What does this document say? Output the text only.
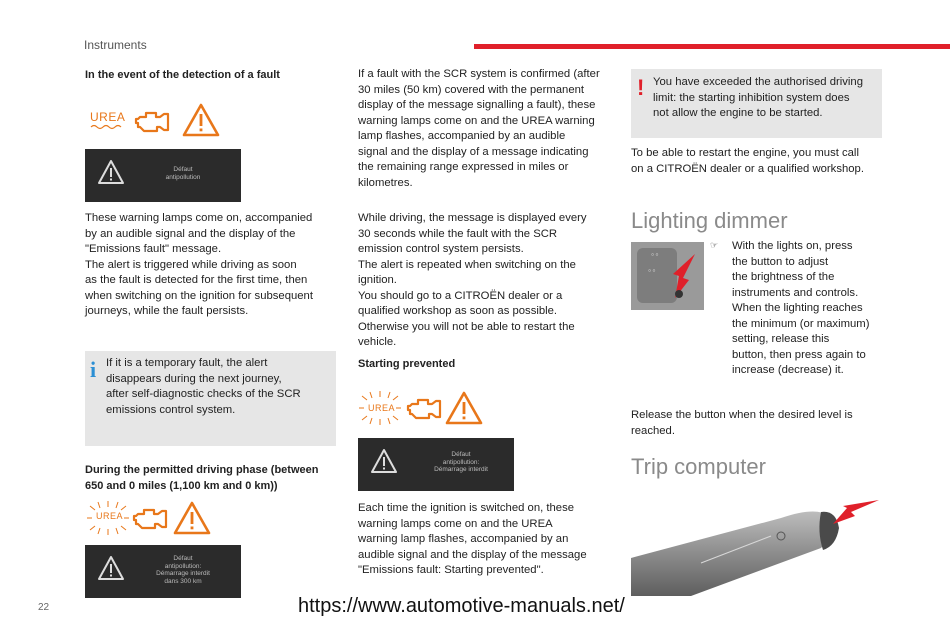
Instruments
In the event of the detection of a fault
UREA
Défaut
antipollution
These warning lamps come on, accompanied
by an audible signal and the display of the
"Emissions fault" message.
The alert is triggered while driving as soon
as the fault is detected for the first time, then
when switching on the ignition for subsequent
journeys, while the fault persists.
i If it is a temporary fault, the alert
disappears during the next journey,
after self-diagnostic checks of the SCR
emissions control system.
During the permitted driving phase (between
650 and 0 miles (1,100 km and 0 km))
UREA
Défaut
antipollution:
Démarrage interdit
dans 300 km
If a fault with the SCR system is confirmed (after
30 miles (50 km) covered with the permanent
display of the message signalling a fault), these
warning lamps come on and the UREA warning
lamp flashes, accompanied by an audible
signal and the display of a message indicating
the remaining range expressed in miles or
kilometres.
While driving, the message is displayed every
30 seconds while the fault with the SCR
emission control system persists.
The alert is repeated when switching on the
ignition.
You should go to a CITROËN dealer or a
qualified workshop as soon as possible.
Otherwise you will not be able to restart the
vehicle.
Starting prevented
UREA
Défaut
antipollution:
Démarrage interdit
Each time the ignition is switched on, these
warning lamps come on and the UREA
warning lamp flashes, accompanied by an
audible signal and the display of the message
"Emissions fault: Starting prevented".
! You have exceeded the authorised driving
limit: the starting inhibition system does
not allow the engine to be started.
To be able to restart the engine, you must call
on a CITROËN dealer or a qualified workshop.
Lighting dimmer
○ ○
○ ○
☞ With the lights on, press
the button to adjust
the brightness of the
instruments and controls.
When the lighting reaches
the minimum (or maximum)
setting, release this
button, then press again to
increase (decrease) it.
Release the button when the desired level is
reached.
Trip computer
22	https://www.automotive-manuals.net/
